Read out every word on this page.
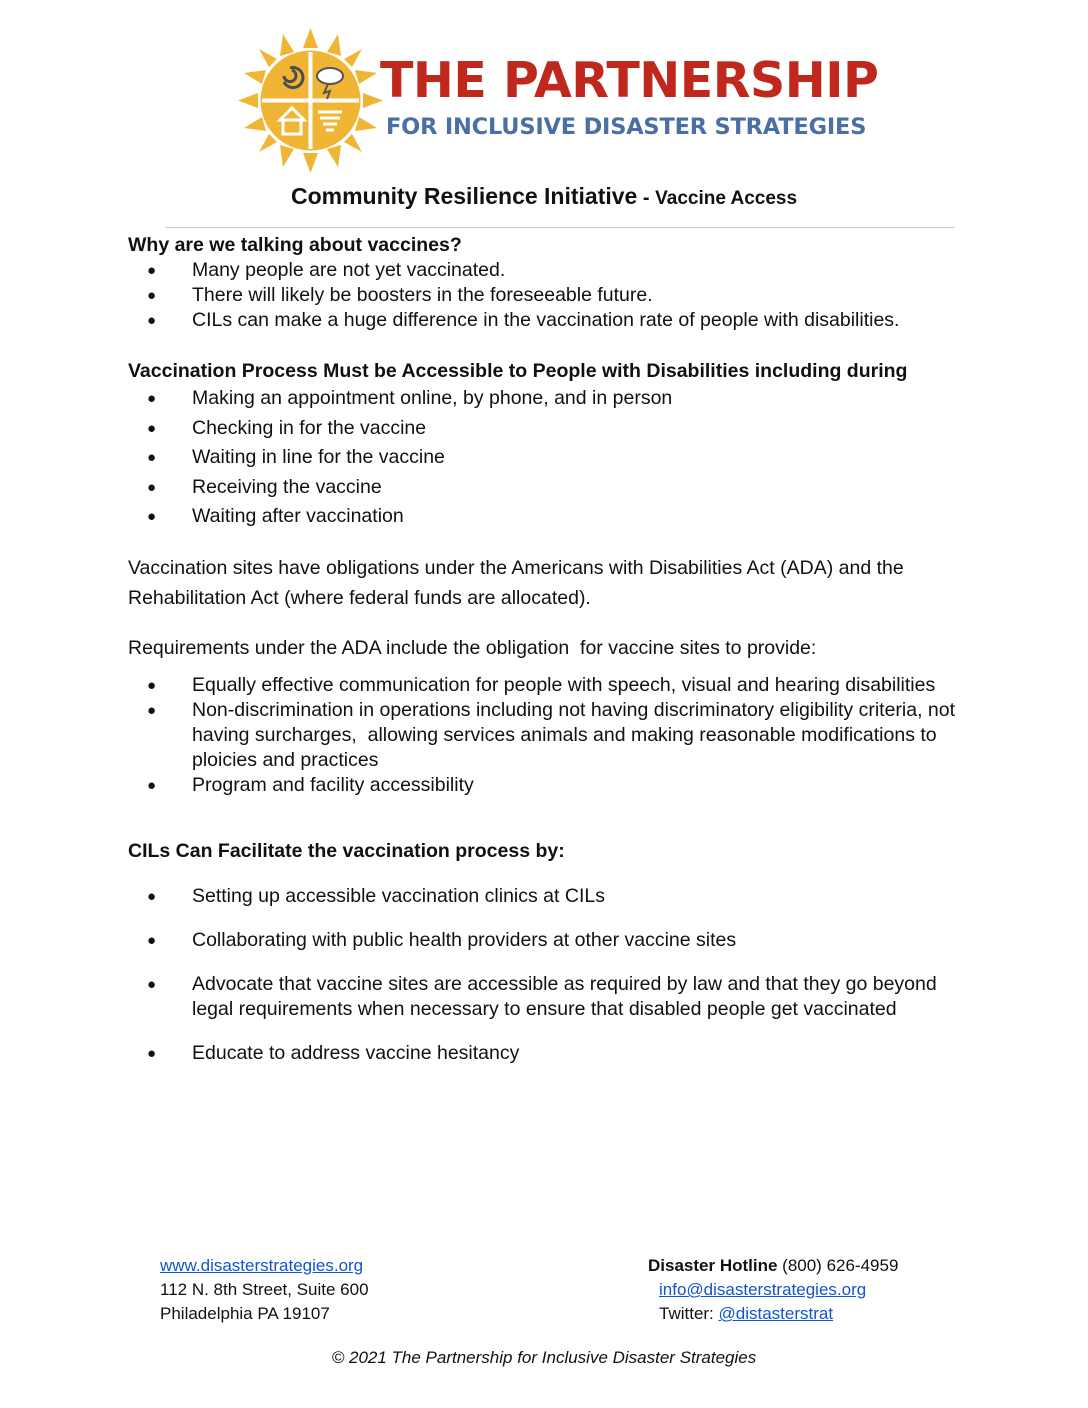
THE PARTNERSHIP
FOR INCLUSIVE DISASTER STRATEGIES
Community Resilience Initiative - Vaccine Access
Why are we talking about vaccines?
● Many people are not yet vaccinated.
● There will likely be boosters in the foreseeable future.
● CILs can make a huge difference in the vaccination rate of people with disabilities.
Vaccination Process Must be Accessible to People with Disabilities including during
● Making an appointment online, by phone, and in person
● Checking in for the vaccine
● Waiting in line for the vaccine
● Receiving the vaccine
● Waiting after vaccination

Vaccination sites have obligations under the Americans with Disabilities Act (ADA) and the Rehabilitation Act (where federal funds are allocated).

Requirements under the ADA include the obligation  for vaccine sites to provide:

● Equally effective communication for people with speech, visual and hearing disabilities
● Non-discrimination in operations including not having discriminatory eligibility criteria, not having surcharges,  allowing services animals and making reasonable modifications to ploicies and practices
● Program and facility accessibility
CILs Can Facilitate the vaccination process by:
● Setting up accessible vaccination clinics at CILs
● Collaborating with public health providers at other vaccine sites
● Advocate that vaccine sites are accessible as required by law and that they go beyond legal requirements when necessary to ensure that disabled people get vaccinated
● Educate to address vaccine hesitancy
www.disasterstrategies.org
112 N. 8th Street, Suite 600
Philadelphia PA 19107
Disaster Hotline (800) 626-4959
info@disasterstrategies.org
Twitter: @distasterstrat
© 2021 The Partnership for Inclusive Disaster Strategies
